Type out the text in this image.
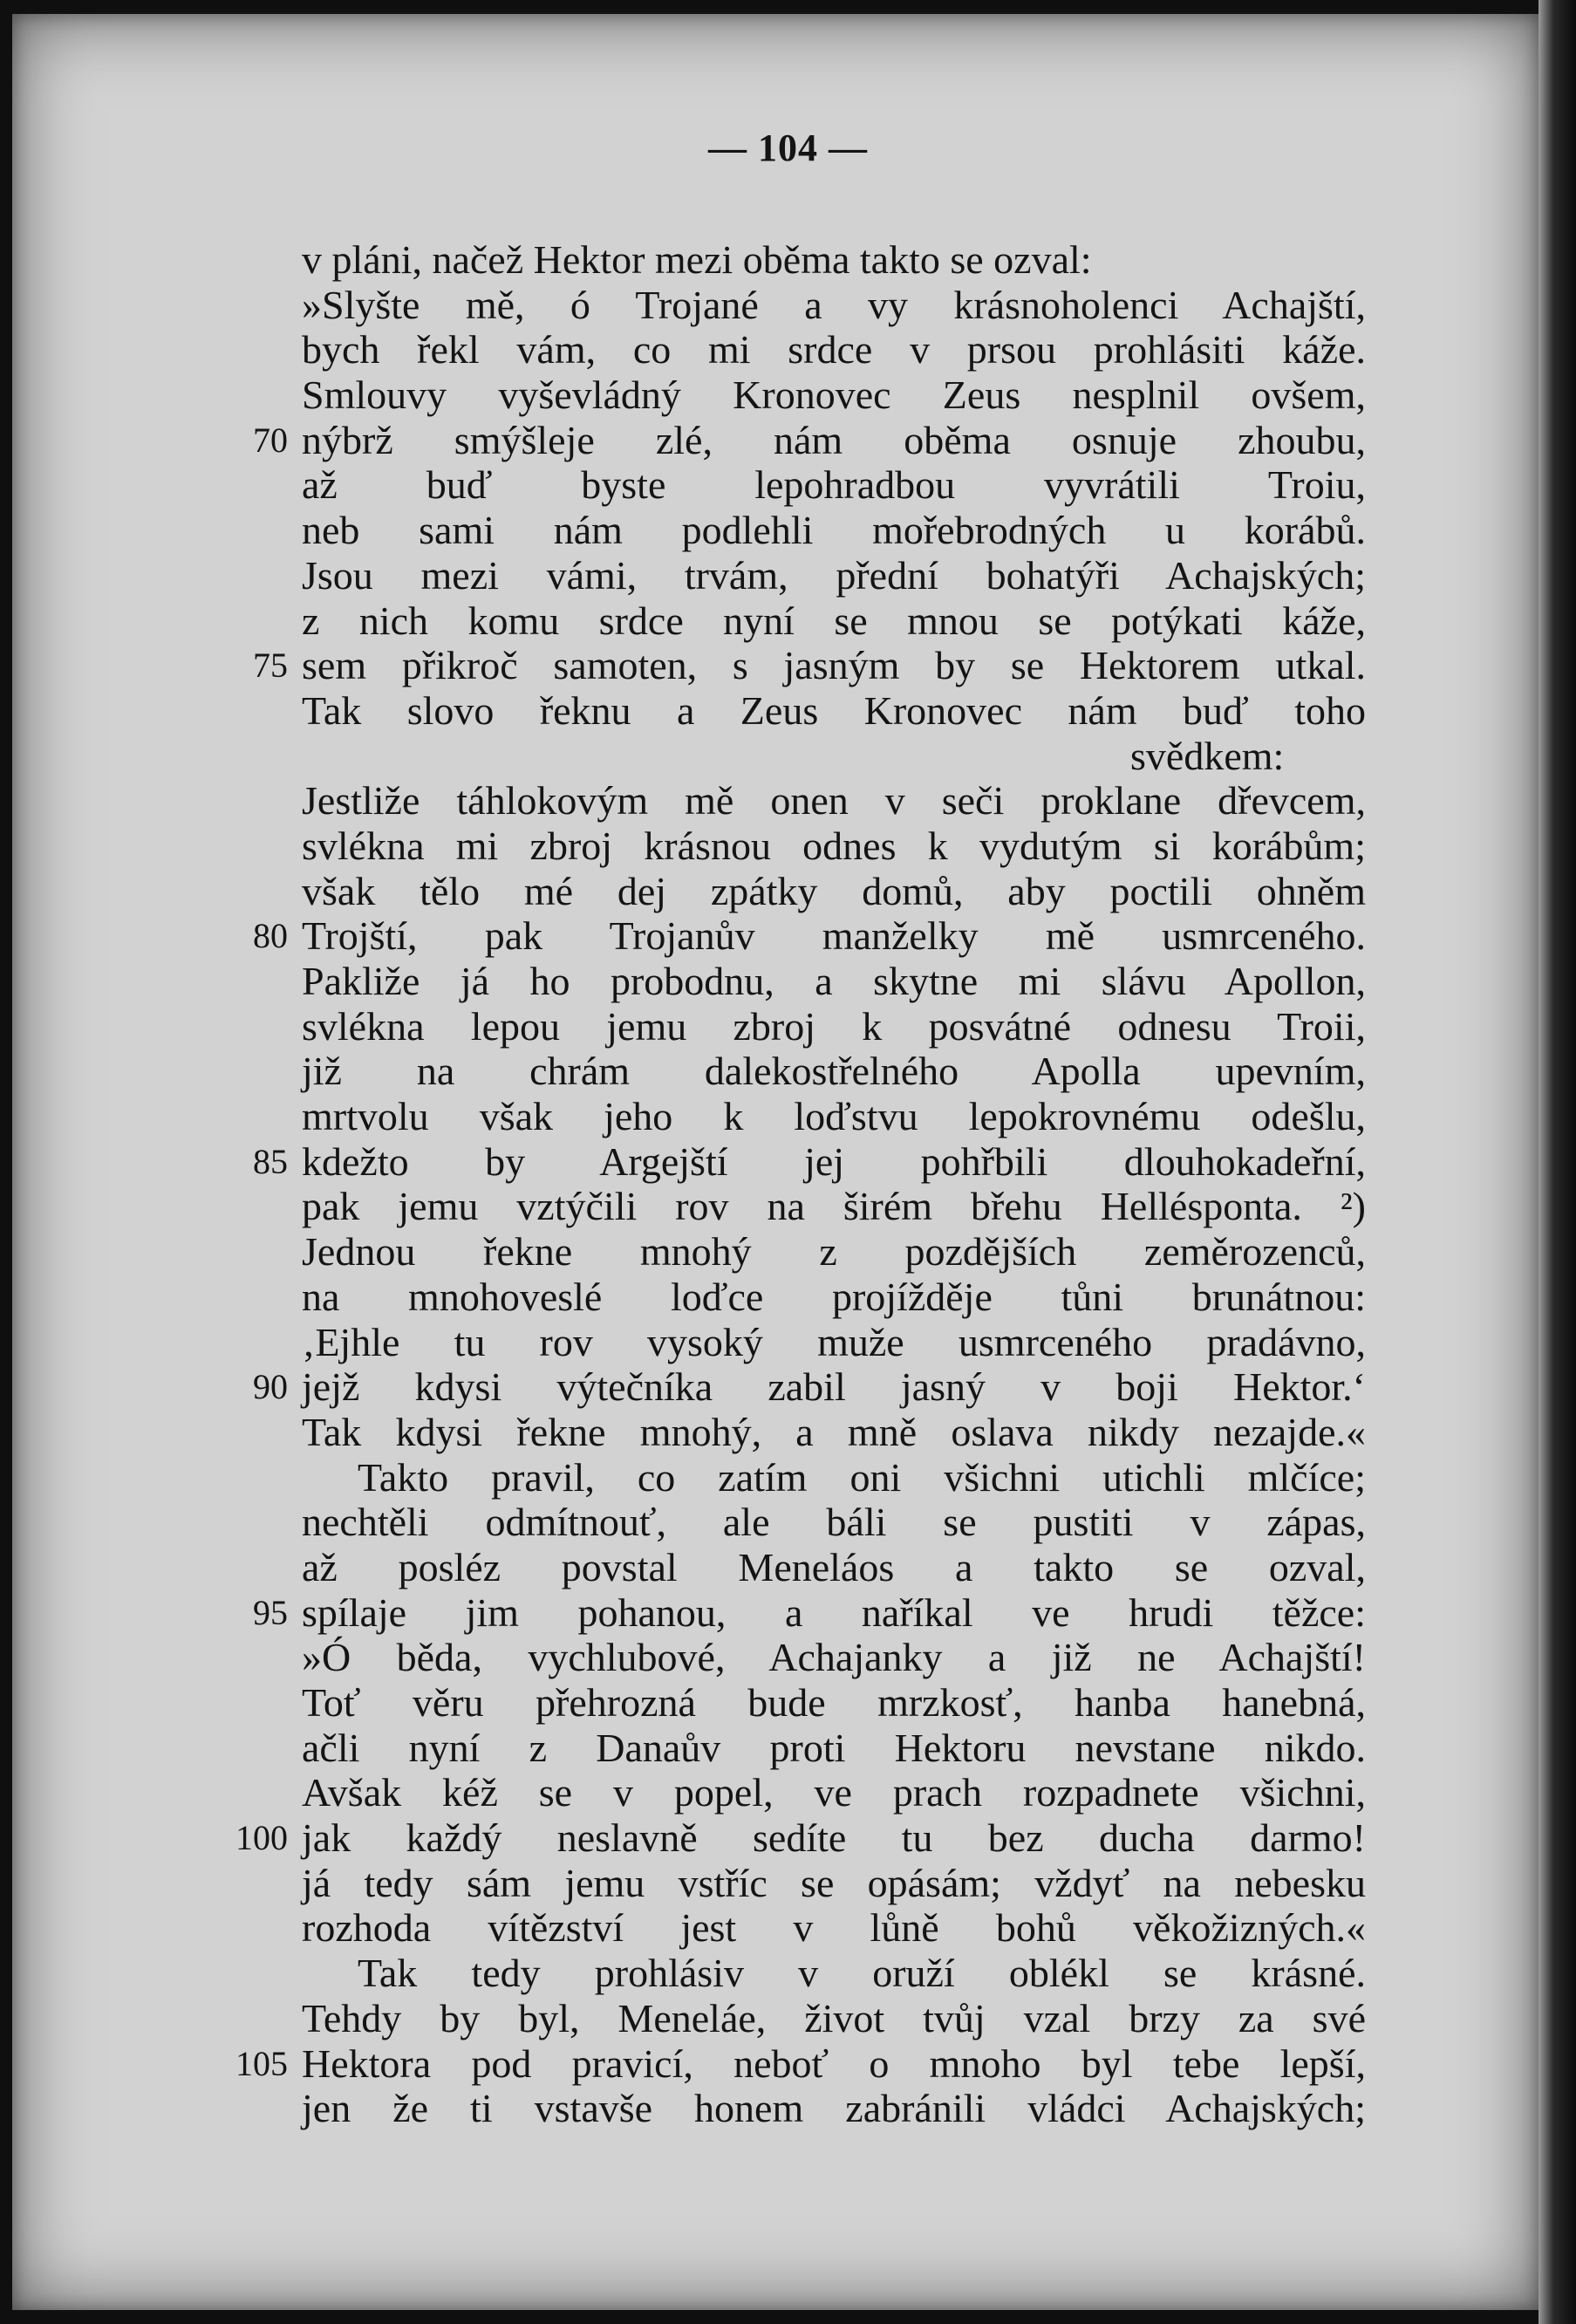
— 104 —
v pláni, načež Hektor mezi oběma takto se ozval:
»Slyšte mě, ó Trojané a vy krásnoholenci Achajští,
bych řekl vám, co mi srdce v prsou prohlásiti káže.
Smlouvy vyševládný Kronovec Zeus nesplnil ovšem,
70 nýbrž smýšleje zlé, nám oběma osnuje zhoubu,
až buď byste lepohradbou vyvrátili Troiu,
neb sami nám podlehli mořebrodných u korábů.
Jsou mezi vámi, trvám, přední bohatýři Achajských;
z nich komu srdce nyní se mnou se potýkati káže,
75 sem přikroč samoten, s jasným by se Hektorem utkal.
Tak slovo řeknu a Zeus Kronovec nám buď toho
svědkem:
Jestliže táhlokovým mě onen v seči proklane dřevcem,
svlékna mi zbroj krásnou odnes k vydutým si korábům;
však tělo mé dej zpátky domů, aby poctili ohněm
80 Trojští, pak Trojanův manželky mě usmrceného.
Pakliže já ho probodnu, a skytne mi slávu Apollon,
svlékna lepou jemu zbroj k posvátné odnesu Troii,
již na chrám dalekostřelného Apolla upevním,
mrtvolu však jeho k loďstvu lepokrovnému odešlu,
85 kdežto by Argejští jej pohřbili dlouhokadeřní,
pak jemu vztýčili rov na širém břehu Hellésponta. ²)
Jednou řekne mnohý z pozdějších zeměrozenců,
na mnohoveslé loďce projížděje tůni brunátnou:
‚Ejhle tu rov vysoký muže usmrceného pradávno,
90 jejž kdysi výtečníka zabil jasný v boji Hektor.‘
Tak kdysi řekne mnohý, a mně oslava nikdy nezajde.«
Takto pravil, co zatím oni všichni utichli mlčíce;
nechtěli odmítnouť, ale báli se pustiti v zápas,
až posléz povstal Meneláos a takto se ozval,
95 spílaje jim pohanou, a naříkal ve hrudi těžce:
»Ó běda, vychlubové, Achajanky a již ne Achajští!
Toť věru přehrozná bude mrzkosť, hanba hanebná,
ačli nyní z Danaův proti Hektoru nevstane nikdo.
Avšak kéž se v popel, ve prach rozpadnete všichni,
100 jak každý neslavně sedíte tu bez ducha darmo!
já tedy sám jemu vstříc se opásám; vždyť na nebesku
rozhoda vítězství jest v lůně bohů věkožizných.«
Tak tedy prohlásiv v oruží oblékl se krásné.
Tehdy by byl, Meneláe, život tvůj vzal brzy za své
105 Hektora pod pravicí, neboť o mnoho byl tebe lepší,
jen že ti vstavše honem zabránili vládci Achajských;
